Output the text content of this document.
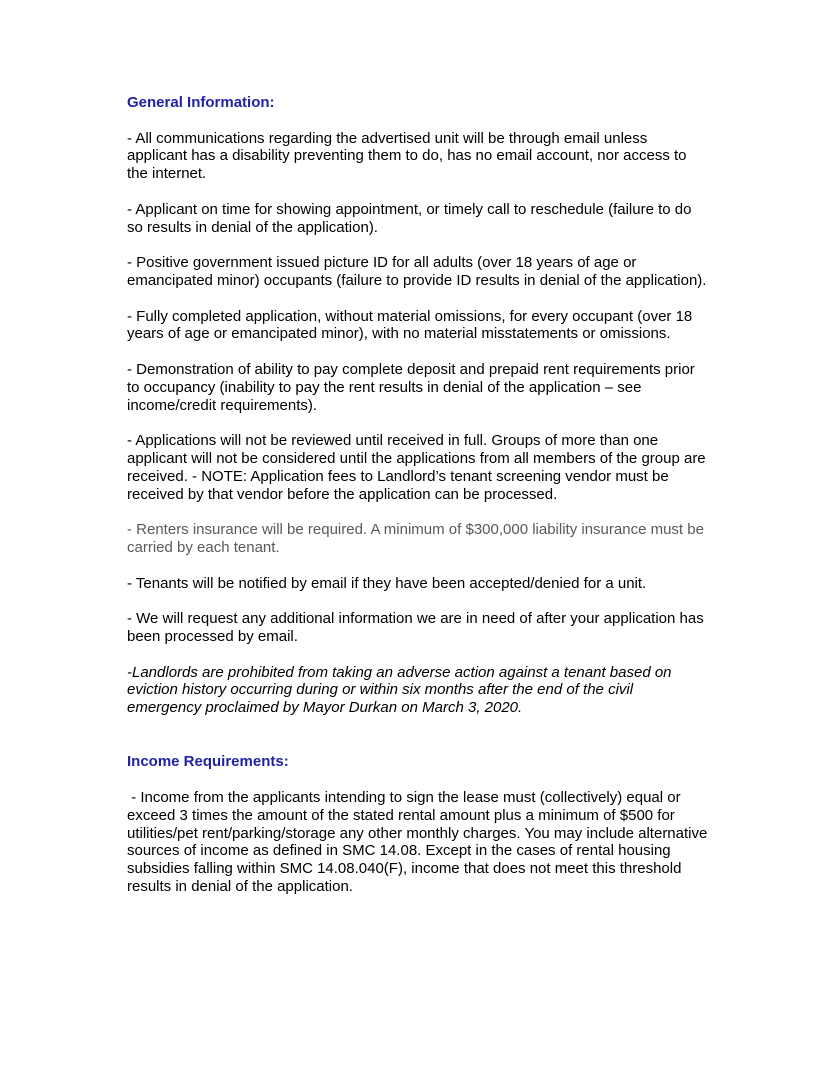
General Information:

- All communications regarding the advertised unit will be through email unless applicant has a disability preventing them to do, has no email account, nor access to the internet.

- Applicant on time for showing appointment, or timely call to reschedule (failure to do so results in denial of the application).

- Positive government issued picture ID for all adults (over 18 years of age or emancipated minor) occupants (failure to provide ID results in denial of the application).

- Fully completed application, without material omissions, for every occupant (over 18 years of age or emancipated minor), with no material misstatements or omissions.

- Demonstration of ability to pay complete deposit and prepaid rent requirements prior to occupancy (inability to pay the rent results in denial of the application – see income/credit requirements).

- Applications will not be reviewed until received in full. Groups of more than one applicant will not be considered until the applications from all members of the group are received. - NOTE: Application fees to Landlord’s tenant screening vendor must be received by that vendor before the application can be processed.

- Renters insurance will be required. A minimum of $300,000 liability insurance must be carried by each tenant.

- Tenants will be notified by email if they have been accepted/denied for a unit.

- We will request any additional information we are in need of after your application has been processed by email.

-Landlords are prohibited from taking an adverse action against a tenant based on eviction history occurring during or within six months after the end of the civil emergency proclaimed by Mayor Durkan on March 3, 2020.

Income Requirements:

- Income from the applicants intending to sign the lease must (collectively) equal or exceed 3 times the amount of the stated rental amount plus a minimum of $500 for utilities/pet rent/parking/storage any other monthly charges. You may include alternative sources of income as defined in SMC 14.08. Except in the cases of rental housing subsidies falling within SMC 14.08.040(F), income that does not meet this threshold results in denial of the application.
